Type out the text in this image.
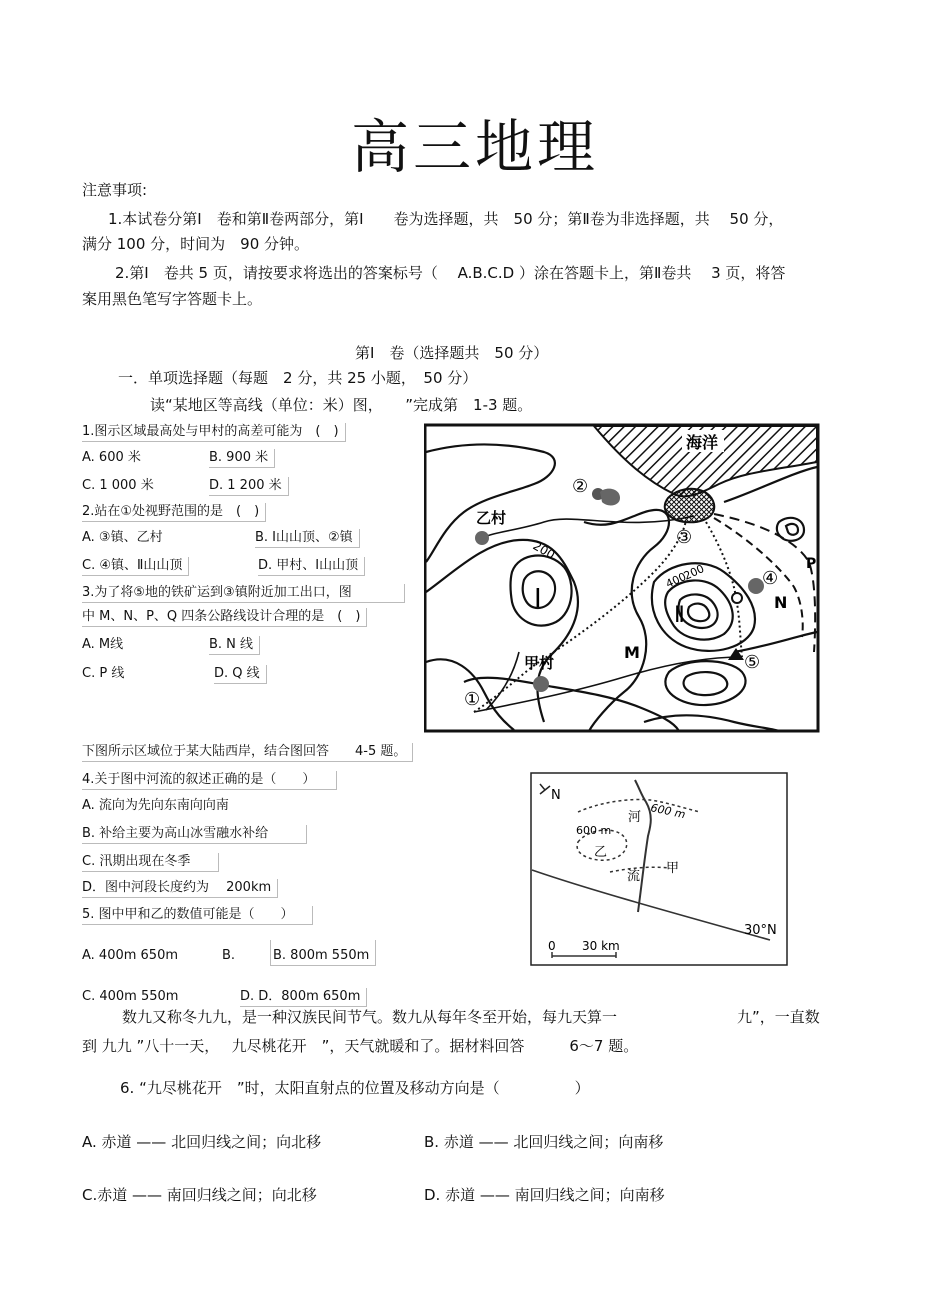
高三地理
注意事项:
1.本试卷分第Ⅰ　卷和第Ⅱ卷两部分，第Ⅰ　　卷为选择题，共　50 分；第Ⅱ卷为非选择题，共　 50 分，
满分 100 分，时间为　90 分钟。
2.第Ⅰ　卷共 5 页，请按要求将选出的答案标号（　 A.B.C.D ）涂在答题卡上，第Ⅱ卷共　 3 页，将答
案用黑色笔写字答题卡上。
第Ⅰ　卷（选择题共　50 分）
一．单项选择题（每题　2 分，共 25 小题，　50 分）
读“某地区等高线（单位：米）图，　　”完成第　1-3 题。
1.图示区域最高处与甲村的高差可能为　(　)
A. 600 米	B. 900 米
C. 1 000 米	D. 1 200 米
2.站在①处视野范围的是　(　)
A. ③镇、乙村	B. Ⅰ山山顶、②镇
C. ④镇、Ⅱ山山顶	D. 甲村、Ⅰ山山顶
3.为了将⑤地的铁矿运到③镇附近加工出口，图
中 M、N、P、Q 四条公路线设计合理的是　(　)
A. M线	B. N 线
C. P 线	D. Q 线
海洋
乙村
甲村
Ⅰ
Ⅱ
200
200
400
M
N
P
①
②
③
④
⑤
下图所示区域位于某大陆西岸，结合图回答　　4-5 题。
4.关于图中河流的叙述正确的是（　　）
A. 流向为先向东南向向南
B. 补给主要为高山冰雪融水补给
C. 汛期出现在冬季
D．图中河段长度约为　 200km
5. 图中甲和乙的数值可能是（　　）
A. 400m 650m	B.	B. 800m 550m
C. 400m 550m	D. D．800m 650m
N
600 m
600 m
乙
河
流
甲
30°N
0 30 km
数九又称冬九九，是一种汉族民间节气。数九从每年冬至开始，每九天算一　　　　　　　　九”，一直数
到 九九 ”八十一天，　 九尽桃花开　”，天气就暖和了。据材料回答　　　6～7 题。
6. “九尽桃花开　”时，太阳直射点的位置及移动方向是（　　　　　）
A. 赤道 —— 北回归线之间；向北移	B. 赤道 —— 北回归线之间；向南移
C.赤道 —— 南回归线之间；向北移	D. 赤道 —— 南回归线之间；向南移
